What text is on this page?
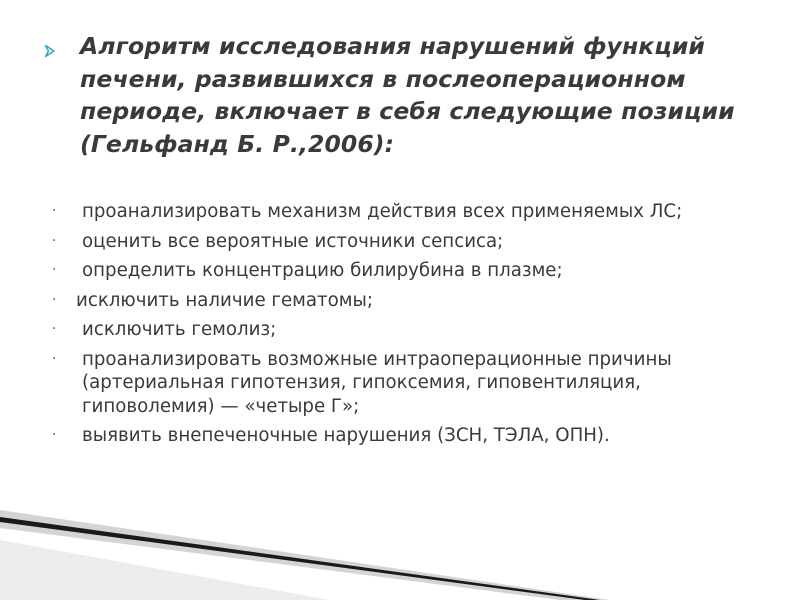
Алгоритм исследования нарушений функций печени, развившихся в послеоперационном периоде, включает в себя следующие позиции (Гельфанд Б. Р.,2006):
·	проанализировать механизм действия всех применяемых ЛС;
·	оценить все вероятные источники сепсиса;
·	определить концентрацию билирубина в плазме;
·	исключить наличие гематомы;
·	исключить гемолиз;
·	проанализировать возможные интраоперационные причины (артериальная гипотензия, гипоксемия, гиповентиляция, гиповолемия) — «четыре Г»;
·	выявить внепеченочные нарушения (ЗСН, ТЭЛА, ОПН).
